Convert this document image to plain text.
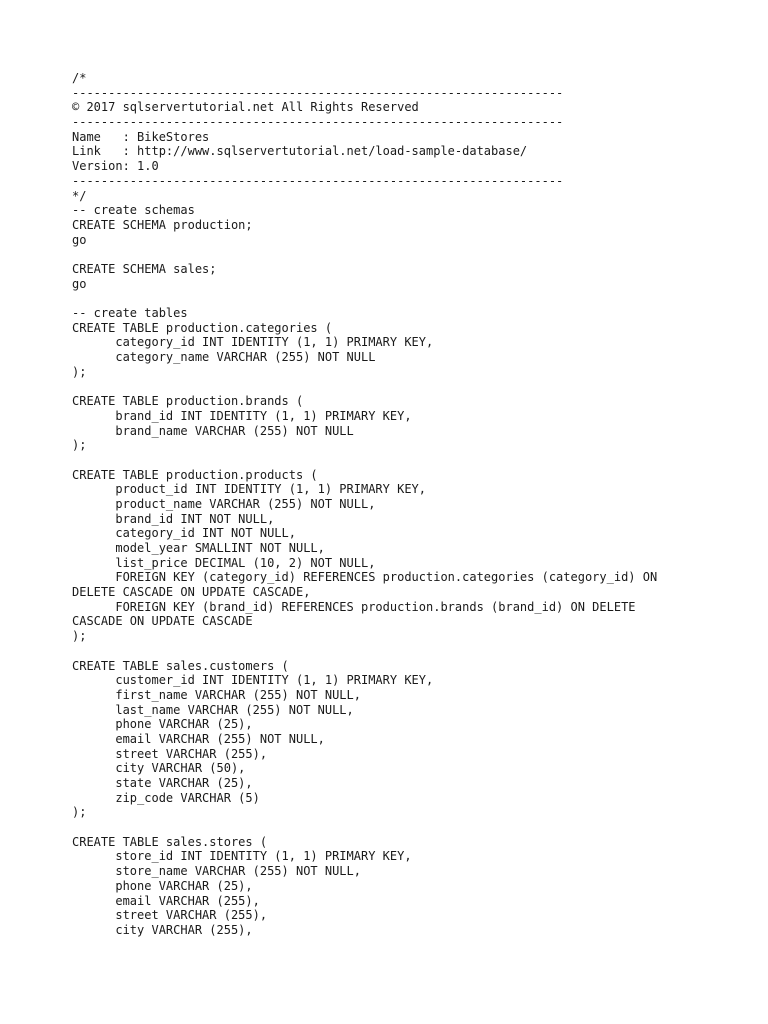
/*
--------------------------------------------------------------------
© 2017 sqlservertutorial.net All Rights Reserved
--------------------------------------------------------------------
Name   : BikeStores
Link   : http://www.sqlservertutorial.net/load-sample-database/
Version: 1.0
--------------------------------------------------------------------
*/
-- create schemas
CREATE SCHEMA production;
go
CREATE SCHEMA sales;
go
-- create tables
CREATE TABLE production.categories (
category_id INT IDENTITY (1, 1) PRIMARY KEY,
category_name VARCHAR (255) NOT NULL
);
CREATE TABLE production.brands (
brand_id INT IDENTITY (1, 1) PRIMARY KEY,
brand_name VARCHAR (255) NOT NULL
);
CREATE TABLE production.products (
product_id INT IDENTITY (1, 1) PRIMARY KEY,
product_name VARCHAR (255) NOT NULL,
brand_id INT NOT NULL,
category_id INT NOT NULL,
model_year SMALLINT NOT NULL,
list_price DECIMAL (10, 2) NOT NULL,
FOREIGN KEY (category_id) REFERENCES production.categories (category_id) ON
DELETE CASCADE ON UPDATE CASCADE,
FOREIGN KEY (brand_id) REFERENCES production.brands (brand_id) ON DELETE
CASCADE ON UPDATE CASCADE
);
CREATE TABLE sales.customers (
customer_id INT IDENTITY (1, 1) PRIMARY KEY,
first_name VARCHAR (255) NOT NULL,
last_name VARCHAR (255) NOT NULL,
phone VARCHAR (25),
email VARCHAR (255) NOT NULL,
street VARCHAR (255),
city VARCHAR (50),
state VARCHAR (25),
zip_code VARCHAR (5)
);
CREATE TABLE sales.stores (
store_id INT IDENTITY (1, 1) PRIMARY KEY,
store_name VARCHAR (255) NOT NULL,
phone VARCHAR (25),
email VARCHAR (255),
street VARCHAR (255),
city VARCHAR (255),
